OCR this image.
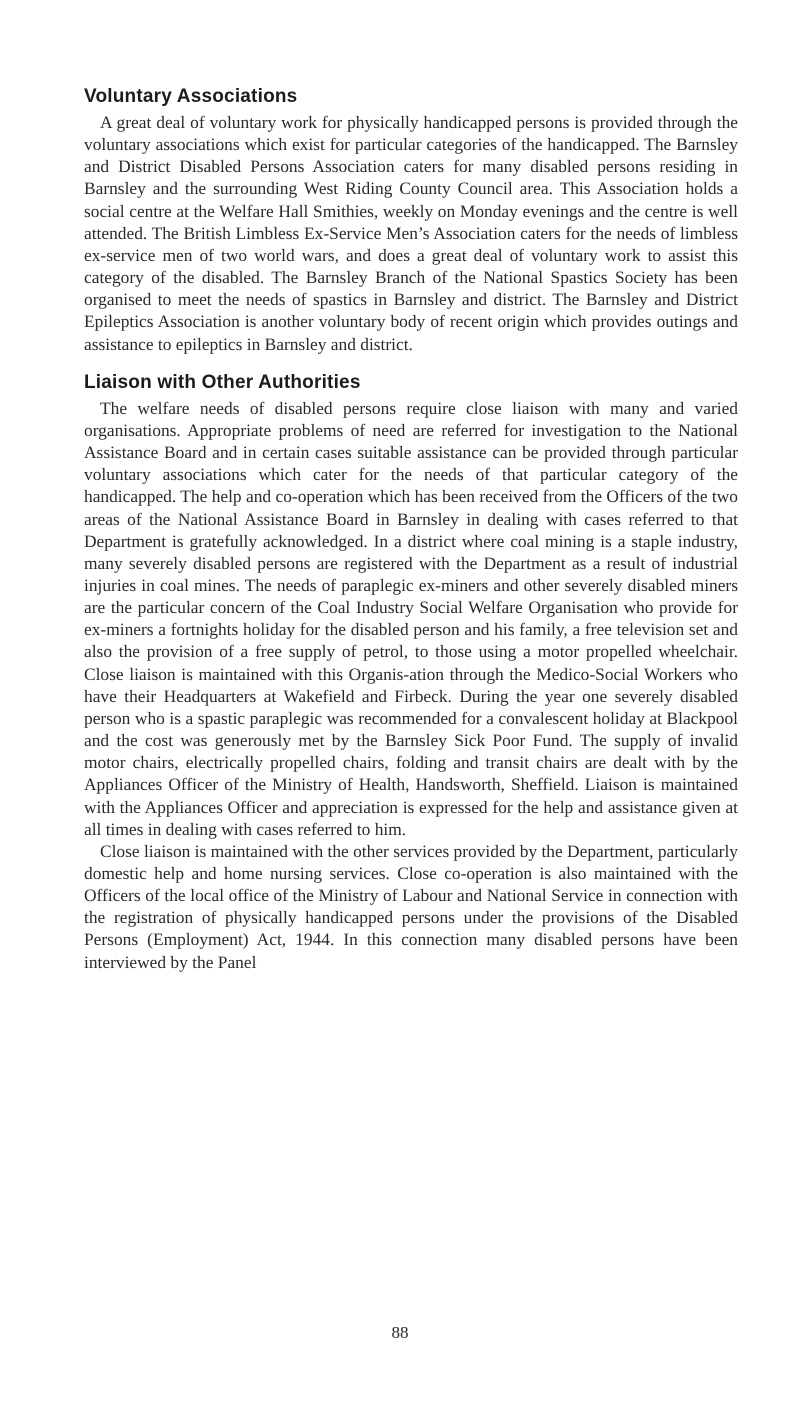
Voluntary Associations

A great deal of voluntary work for physically handicapped persons is provided through the voluntary associations which exist for particular categories of the handicapped. The Barnsley and District Disabled Persons Association caters for many disabled persons residing in Barnsley and the surrounding West Riding County Council area. This Association holds a social centre at the Welfare Hall Smithies, weekly on Monday evenings and the centre is well attended. The British Limbless Ex-Service Men’s Association caters for the needs of limbless ex-service men of two world wars, and does a great deal of voluntary work to assist this category of the disabled. The Barnsley Branch of the National Spastics Society has been organised to meet the needs of spastics in Barnsley and district. The Barnsley and District Epileptics Association is another voluntary body of recent origin which provides outings and assistance to epileptics in Barnsley and district.

Liaison with Other Authorities

The welfare needs of disabled persons require close liaison with many and varied organisations. Appropriate problems of need are referred for investigation to the National Assistance Board and in certain cases suitable assistance can be provided through particular voluntary associations which cater for the needs of that particular category of the handicapped. The help and co-operation which has been received from the Officers of the two areas of the National Assistance Board in Barnsley in dealing with cases referred to that Department is gratefully acknowledged. In a district where coal mining is a staple industry, many severely disabled persons are registered with the Department as a result of industrial injuries in coal mines. The needs of paraplegic ex-miners and other severely disabled miners are the particular concern of the Coal Industry Social Welfare Organisation who provide for ex-miners a fortnights holiday for the disabled person and his family, a free television set and also the provision of a free supply of petrol, to those using a motor propelled wheelchair. Close liaison is maintained with this Organis-ation through the Medico-Social Workers who have their Headquarters at Wakefield and Firbeck. During the year one severely disabled person who is a spastic paraplegic was recommended for a convalescent holiday at Blackpool and the cost was generously met by the Barnsley Sick Poor Fund. The supply of invalid motor chairs, electrically propelled chairs, folding and transit chairs are dealt with by the Appliances Officer of the Ministry of Health, Handsworth, Sheffield. Liaison is maintained with the Appliances Officer and appreciation is expressed for the help and assistance given at all times in dealing with cases referred to him.

Close liaison is maintained with the other services provided by the Department, particularly domestic help and home nursing services. Close co-operation is also maintained with the Officers of the local office of the Ministry of Labour and National Service in connection with the registration of physically handicapped persons under the provisions of the Disabled Persons (Employment) Act, 1944. In this connection many disabled persons have been interviewed by the Panel

88
